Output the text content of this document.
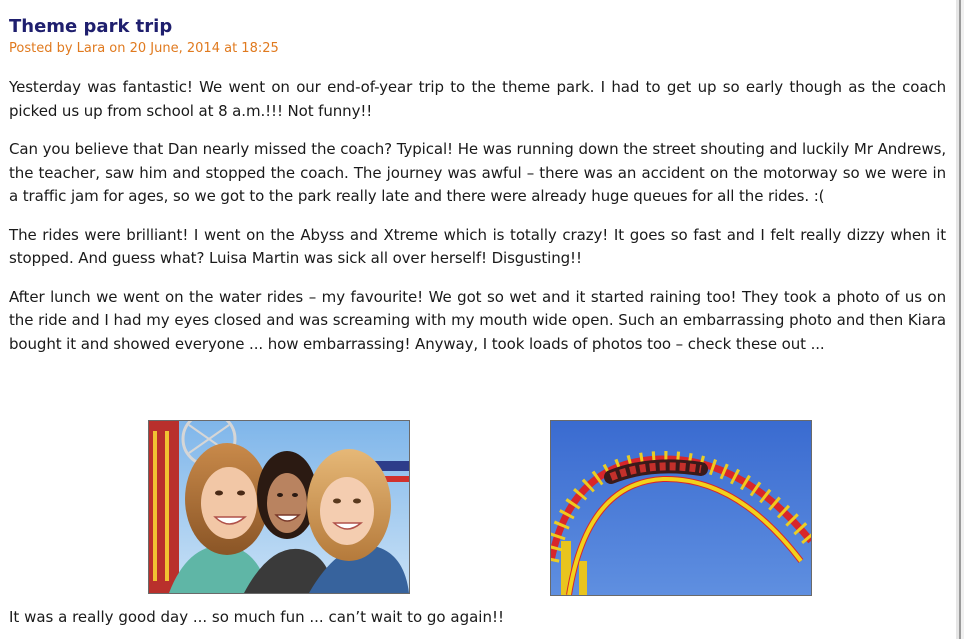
Theme park trip

Posted by Lara on 20 June, 2014 at 18:25

Yesterday was fantastic! We went on our end-of-year trip to the theme park. I had to get up so early though as the coach picked us up from school at 8 a.m.!!! Not funny!!

Can you believe that Dan nearly missed the coach? Typical! He was running down the street shouting and luckily Mr Andrews, the teacher, saw him and stopped the coach. The journey was awful – there was an accident on the motorway so we were in a traffic jam for ages, so we got to the park really late and there were already huge queues for all the rides. :(

The rides were brilliant! I went on the Abyss and Xtreme which is totally crazy! It goes so fast and I felt really dizzy when it stopped. And guess what? Luisa Martin was sick all over herself! Disgusting!!

After lunch we went on the water rides – my favourite! We got so wet and it started raining too! They took a photo of us on the ride and I had my eyes closed and was screaming with my mouth wide open. Such an embarrassing photo and then Kiara bought it and showed everyone ... how embarrassing! Anyway, I took loads of photos too – check these out ...

It was a really good day ... so much fun ... can’t wait to go again!!
